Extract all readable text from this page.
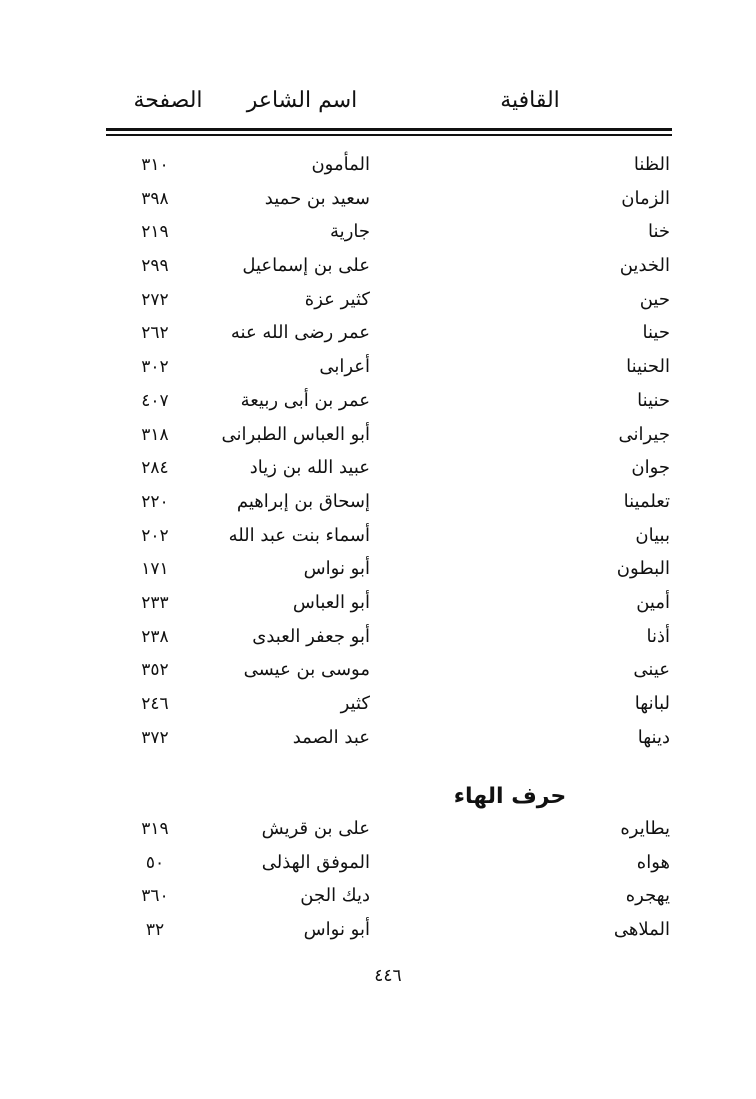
القافية
اسم الشاعر
الصفحة
الظنا
المأمون
٣١٠
الزمان
سعيد بن حميد
٣٩٨
خنا
جارية
٢١٩
الخدين
على بن إسماعيل
٢٩٩
حين
كثير عزة
٢٧٢
حينا
عمر رضى الله عنه
٢٦٢
الحنينا
أعرابى
٣٠٢
حنينا
عمر بن أبى ربيعة
٤٠٧
جيرانى
أبو العباس الطبرانى
٣١٨
جوان
عبيد الله بن زياد
٢٨٤
تعلمينا
إسحاق بن إبراهيم
٢٢٠
ببيان
أسماء بنت عبد الله
٢٠٢
البطون
أبو نواس
١٧١
أمين
أبو العباس
٢٣٣
أذنا
أبو جعفر العبدى
٢٣٨
عينى
موسى بن عيسى
٣٥٢
لبانها
كثير
٢٤٦
دينها
عبد الصمد
٣٧٢
حرف الهاء
يطايره
على بن قريش
٣١٩
هواه
الموفق الهذلى
٥٠
يهجره
ديك الجن
٣٦٠
الملاهى
أبو نواس
٣٢
٤٤٦
